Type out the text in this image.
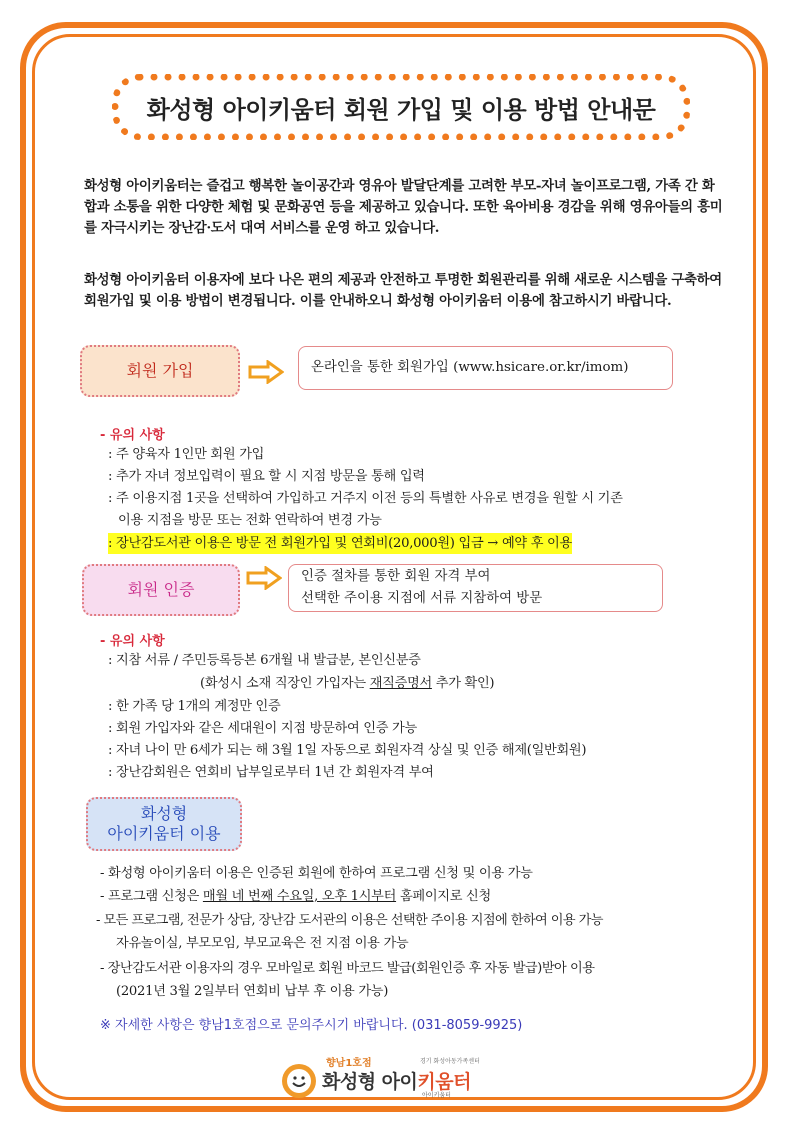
화성형 아이키움터 회원 가입 및 이용 방법 안내문
화성형 아이키움터는 즐겁고 행복한 놀이공간과 영유아 발달단계를 고려한 부모-자녀 놀이프로그램, 가족 간 화합과 소통을 위한 다양한 체험 및 문화공연 등을 제공하고 있습니다. 또한 육아비용 경감을 위해 영유아들의 흥미를 자극시키는 장난감·도서 대여 서비스를 운영 하고 있습니다.
화성형 아이키움터 이용자에 보다 나은 편의 제공과 안전하고 투명한 회원관리를 위해 새로운 시스템을 구축하여 회원가입 및 이용 방법이 변경됩니다. 이를 안내하오니 화성형 아이키움터 이용에 참고하시기 바랍니다.
회원 가입	온라인을 통한 회원가입 (www.hsicare.or.kr/imom)
- 유의 사항
: 주 양육자 1인만 회원 가입
: 추가 자녀 정보입력이 필요 할 시 지점 방문을 통해 입력
: 주 이용지점 1곳을 선택하여 가입하고 거주지 이전 등의 특별한 사유로 변경을 원할 시 기존
이용 지점을 방문 또는 전화 연락하여 변경 가능
: 장난감도서관 이용은 방문 전 회원가입 및 연회비(20,000원) 입금 → 예약 후 이용
회원 인증
인증 절차를 통한 회원 자격 부여
선택한 주이용 지점에 서류 지참하여 방문
- 유의 사항
: 지참 서류 / 주민등록등본 6개월 내 발급분, 본인신분증
(화성시 소재 직장인 가입자는 재직증명서 추가 확인)
: 한 가족 당 1개의 계정만 인증
: 회원 가입자와 같은 세대원이 지점 방문하여 인증 가능
: 자녀 나이 만 6세가 되는 해 3월 1일 자동으로 회원자격 상실 및 인증 해제(일반회원)
: 장난감회원은 연회비 납부일로부터 1년 간 회원자격 부여
화성형
아이키움터 이용
- 화성형 아이키움터 이용은 인증된 회원에 한하여 프로그램 신청 및 이용 가능
- 프로그램 신청은 매월 네 번째 수요일, 오후 1시부터 홈페이지로 신청
- 모든 프로그램, 전문가 상담, 장난감 도서관의 이용은 선택한 주이용 지점에 한하여 이용 가능
자유놀이실, 부모모임, 부모교육은 전 지점 이용 가능
- 장난감도서관 이용자의 경우 모바일로 회원 바코드 발급(회원인증 후 자동 발급)받아 이용
(2021년 3월 2일부터 연회비 납부 후 이용 가능)
※ 자세한 사항은 향남1호점으로 문의주시기 바랍니다. (031-8059-9925)
향남1호점	경기 화성아동가족센터
화성형 아이키움터
아이키움터
